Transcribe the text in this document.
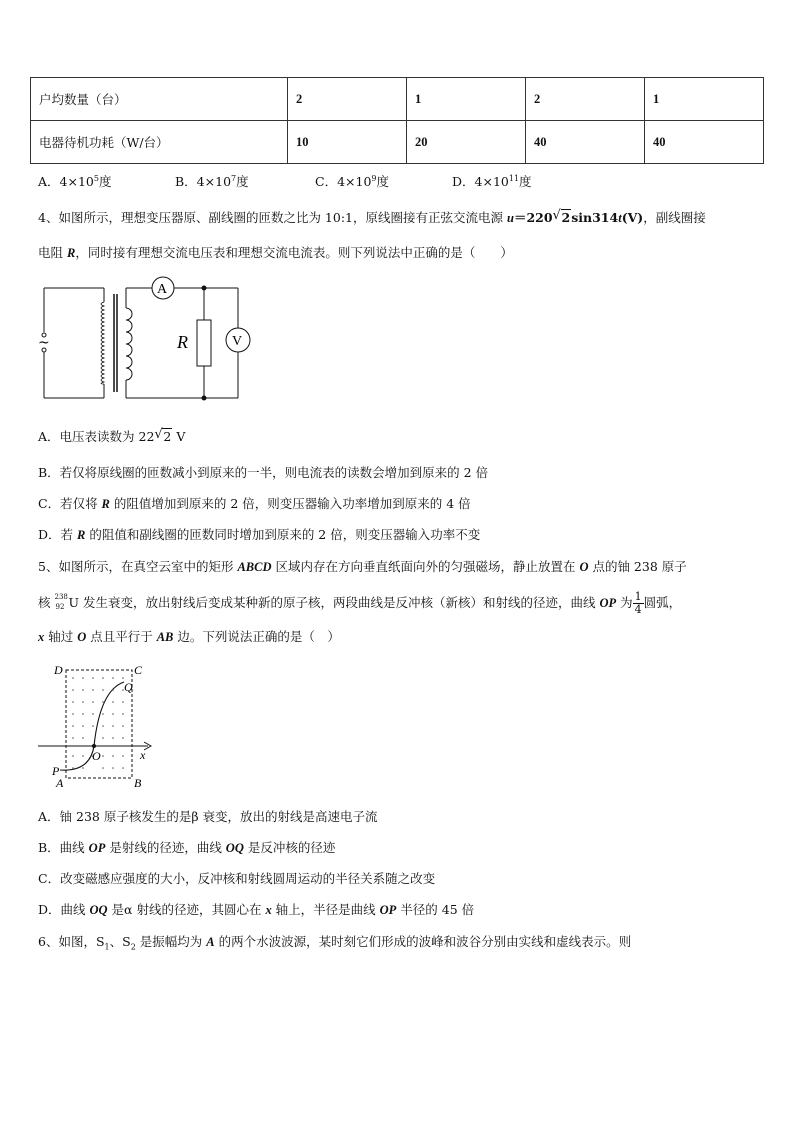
户均数量（台）	2	1	2	1
电器待机功耗（W/台）	10	20	40	40
A．$4\times 10^5$度	B．$4\times 10^7$度	C．$4\times 10^9$度	D．$4\times 10^{11}$度
4、如图所示，理想变压器原、副线圈的匝数之比为 10:1，原线圈接有正弦交流电源 u＝220 √ 2sin314t(V)，副线圈接
电阻 R，同时接有理想交流电压表和理想交流电流表。则下列说法中正确的是（　　）
~
A
R	V
A．电压表读数为 22 √ 2 V
B．若仅将原线圈的匝数减小到原来的一半，则电流表的读数会增加到原来的 2 倍
C．若仅将 R 的阻值增加到原来的 2 倍，则变压器输入功率增加到原来的 4 倍
D．若 R 的阻值和副线圈的匝数同时增加到原来的 2 倍，则变压器输入功率不变
5、如图所示，在真空云室中的矩形 ABCD 区域内存在方向垂直纸面向外的匀强磁场，静止放置在 O 点的铀 238 原子
核 238
92 U 发生衰变，放出射线后变成某种新的原子核，两段曲线是反冲核（新核）和射线的径迹，曲线 OP 为 $\frac{1}{4}$ 圆弧，
x 轴过 O 点且平行于 AB 边。下列说法正确的是（　）
D	C
Q
O	x
P
A	B
A．铀 238 原子核发生的是β 衰变，放出的射线是高速电子流
B．曲线 OP 是射线的径迹，曲线 OQ 是反冲核的径迹
C．改变磁感应强度的大小，反冲核和射线圆周运动的半径关系随之改变
D．曲线 OQ 是α 射线的径迹，其圆心在 x 轴上，半径是曲线 OP 半径的 45 倍
6、如图，$S_1$、$S_2$ 是振幅均为 A 的两个水波波源，某时刻它们形成的波峰和波谷分别由实线和虚线表示。则
